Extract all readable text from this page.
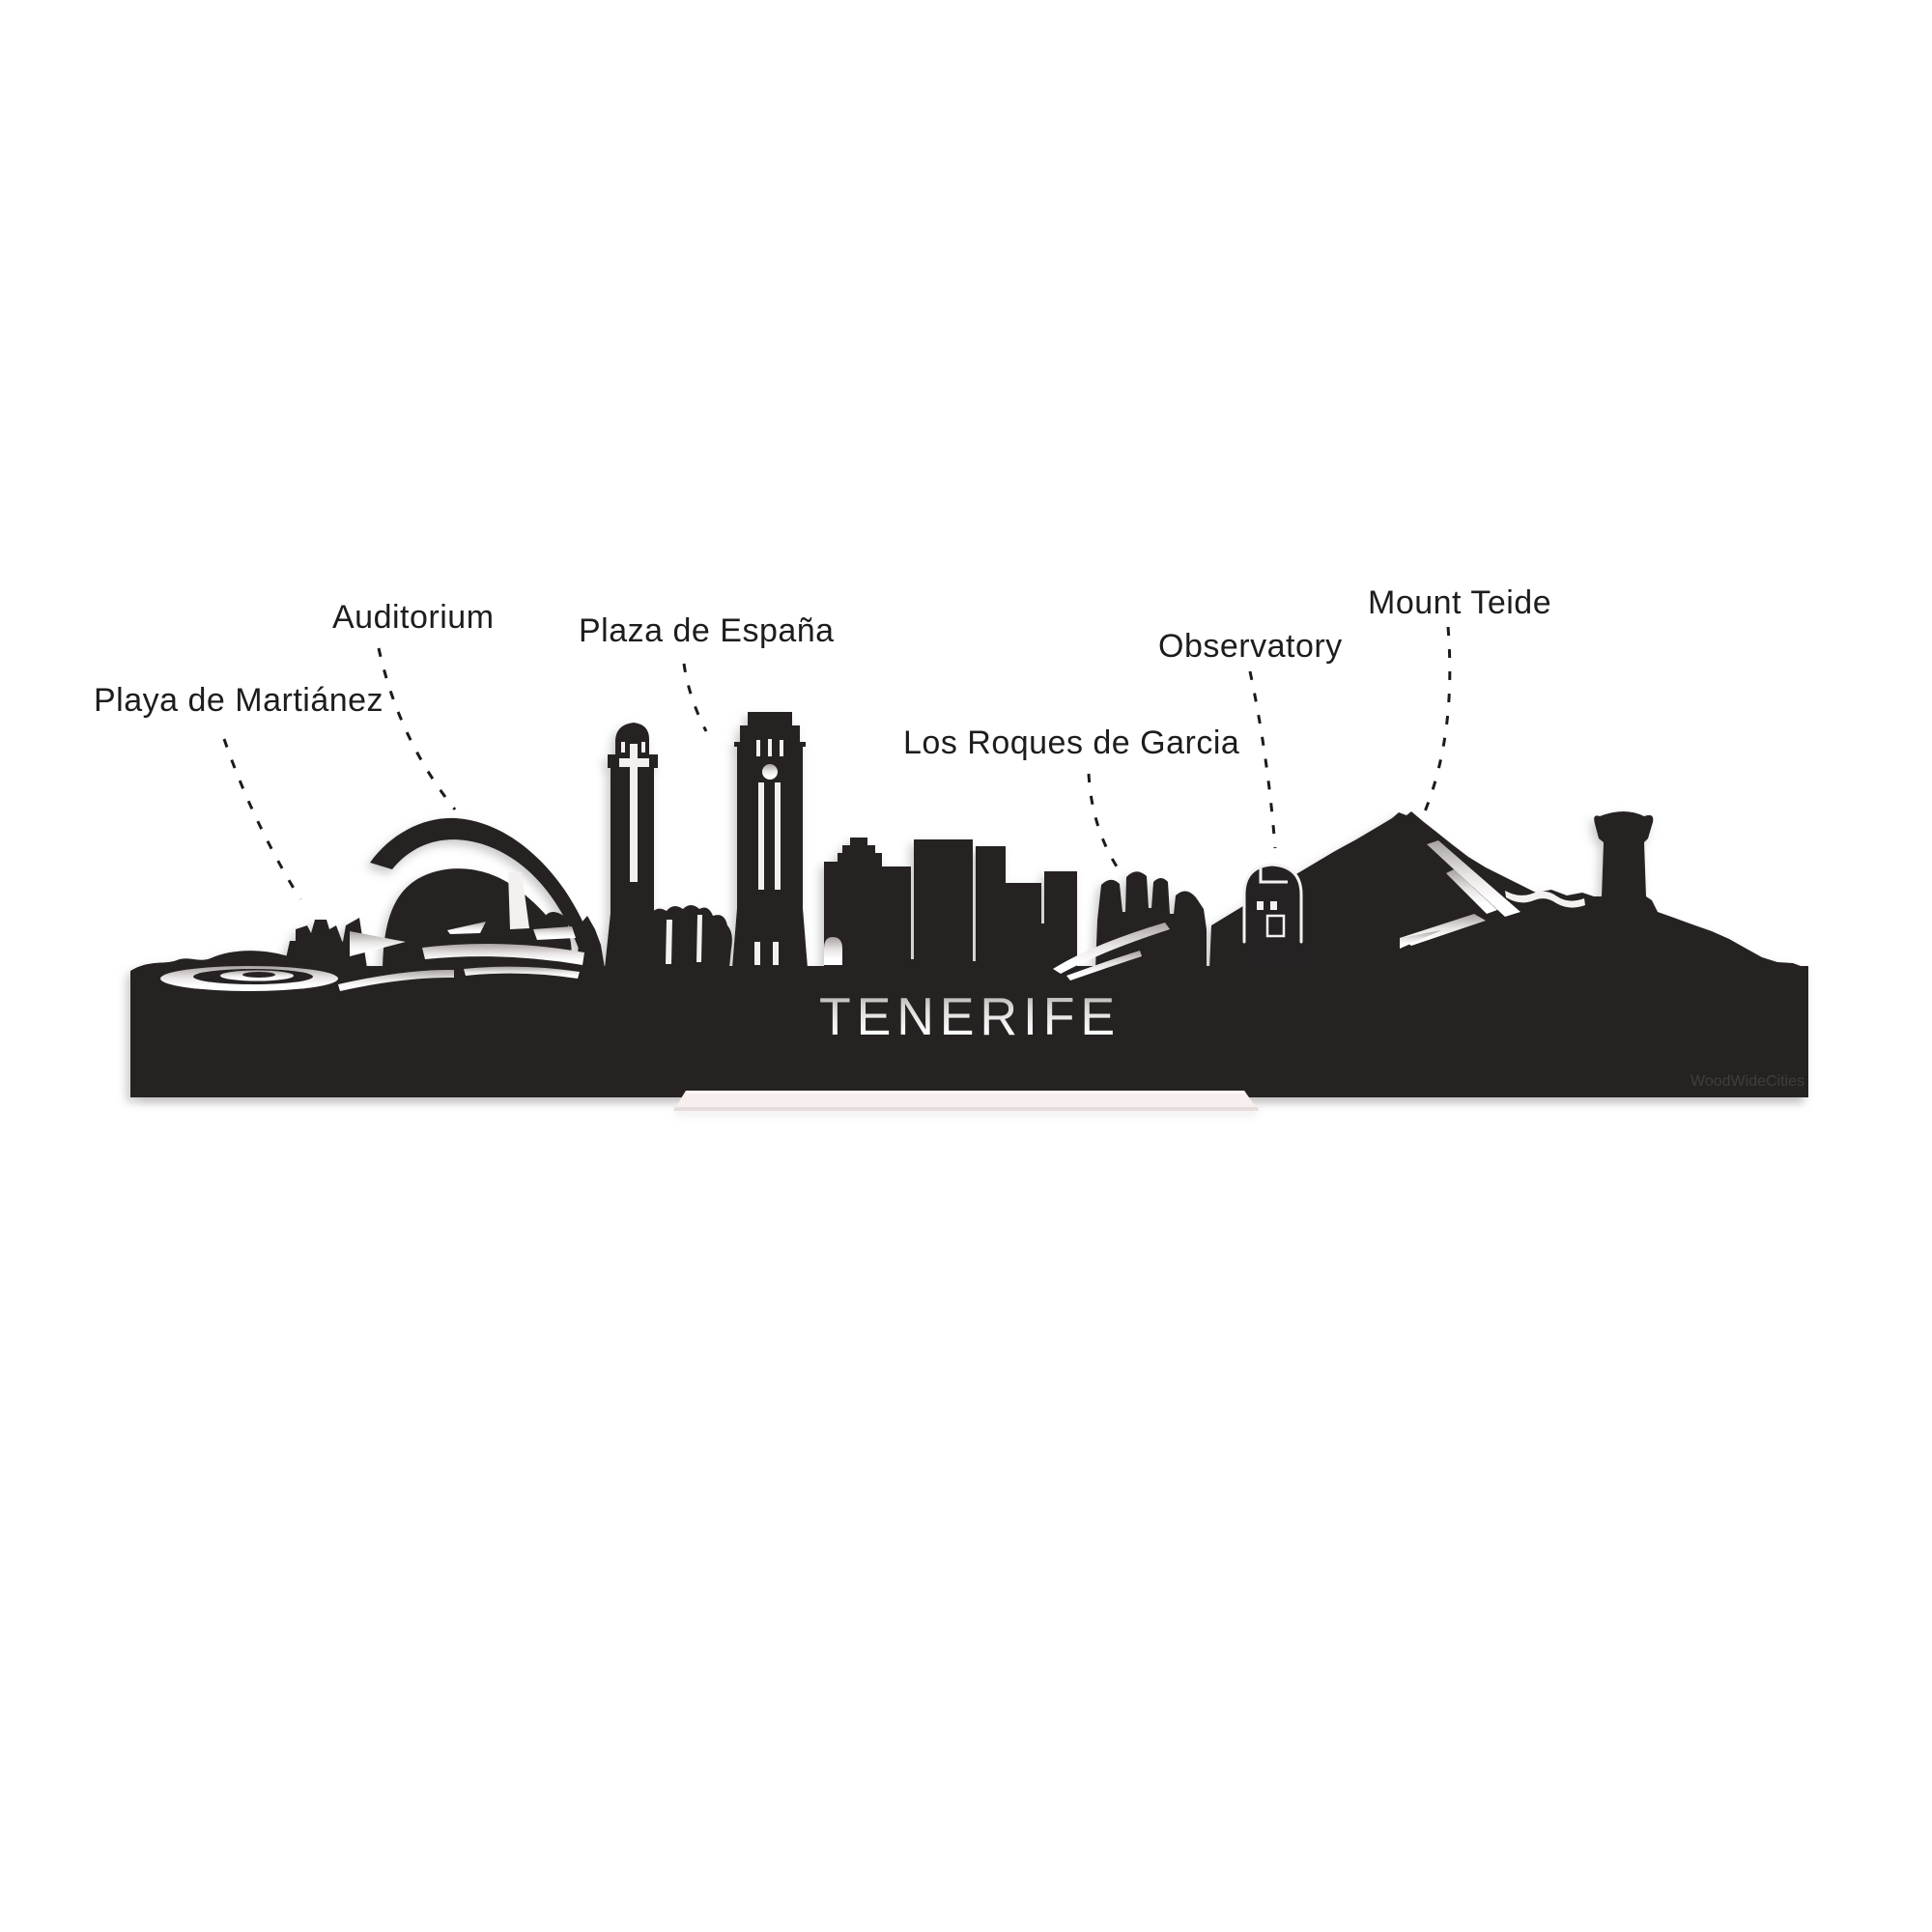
TENERIFE
WoodWideCities
Playa de Martiánez
Auditorium	Plaza de España
Los Roques de Garcia
Observatory
Mount Teide
